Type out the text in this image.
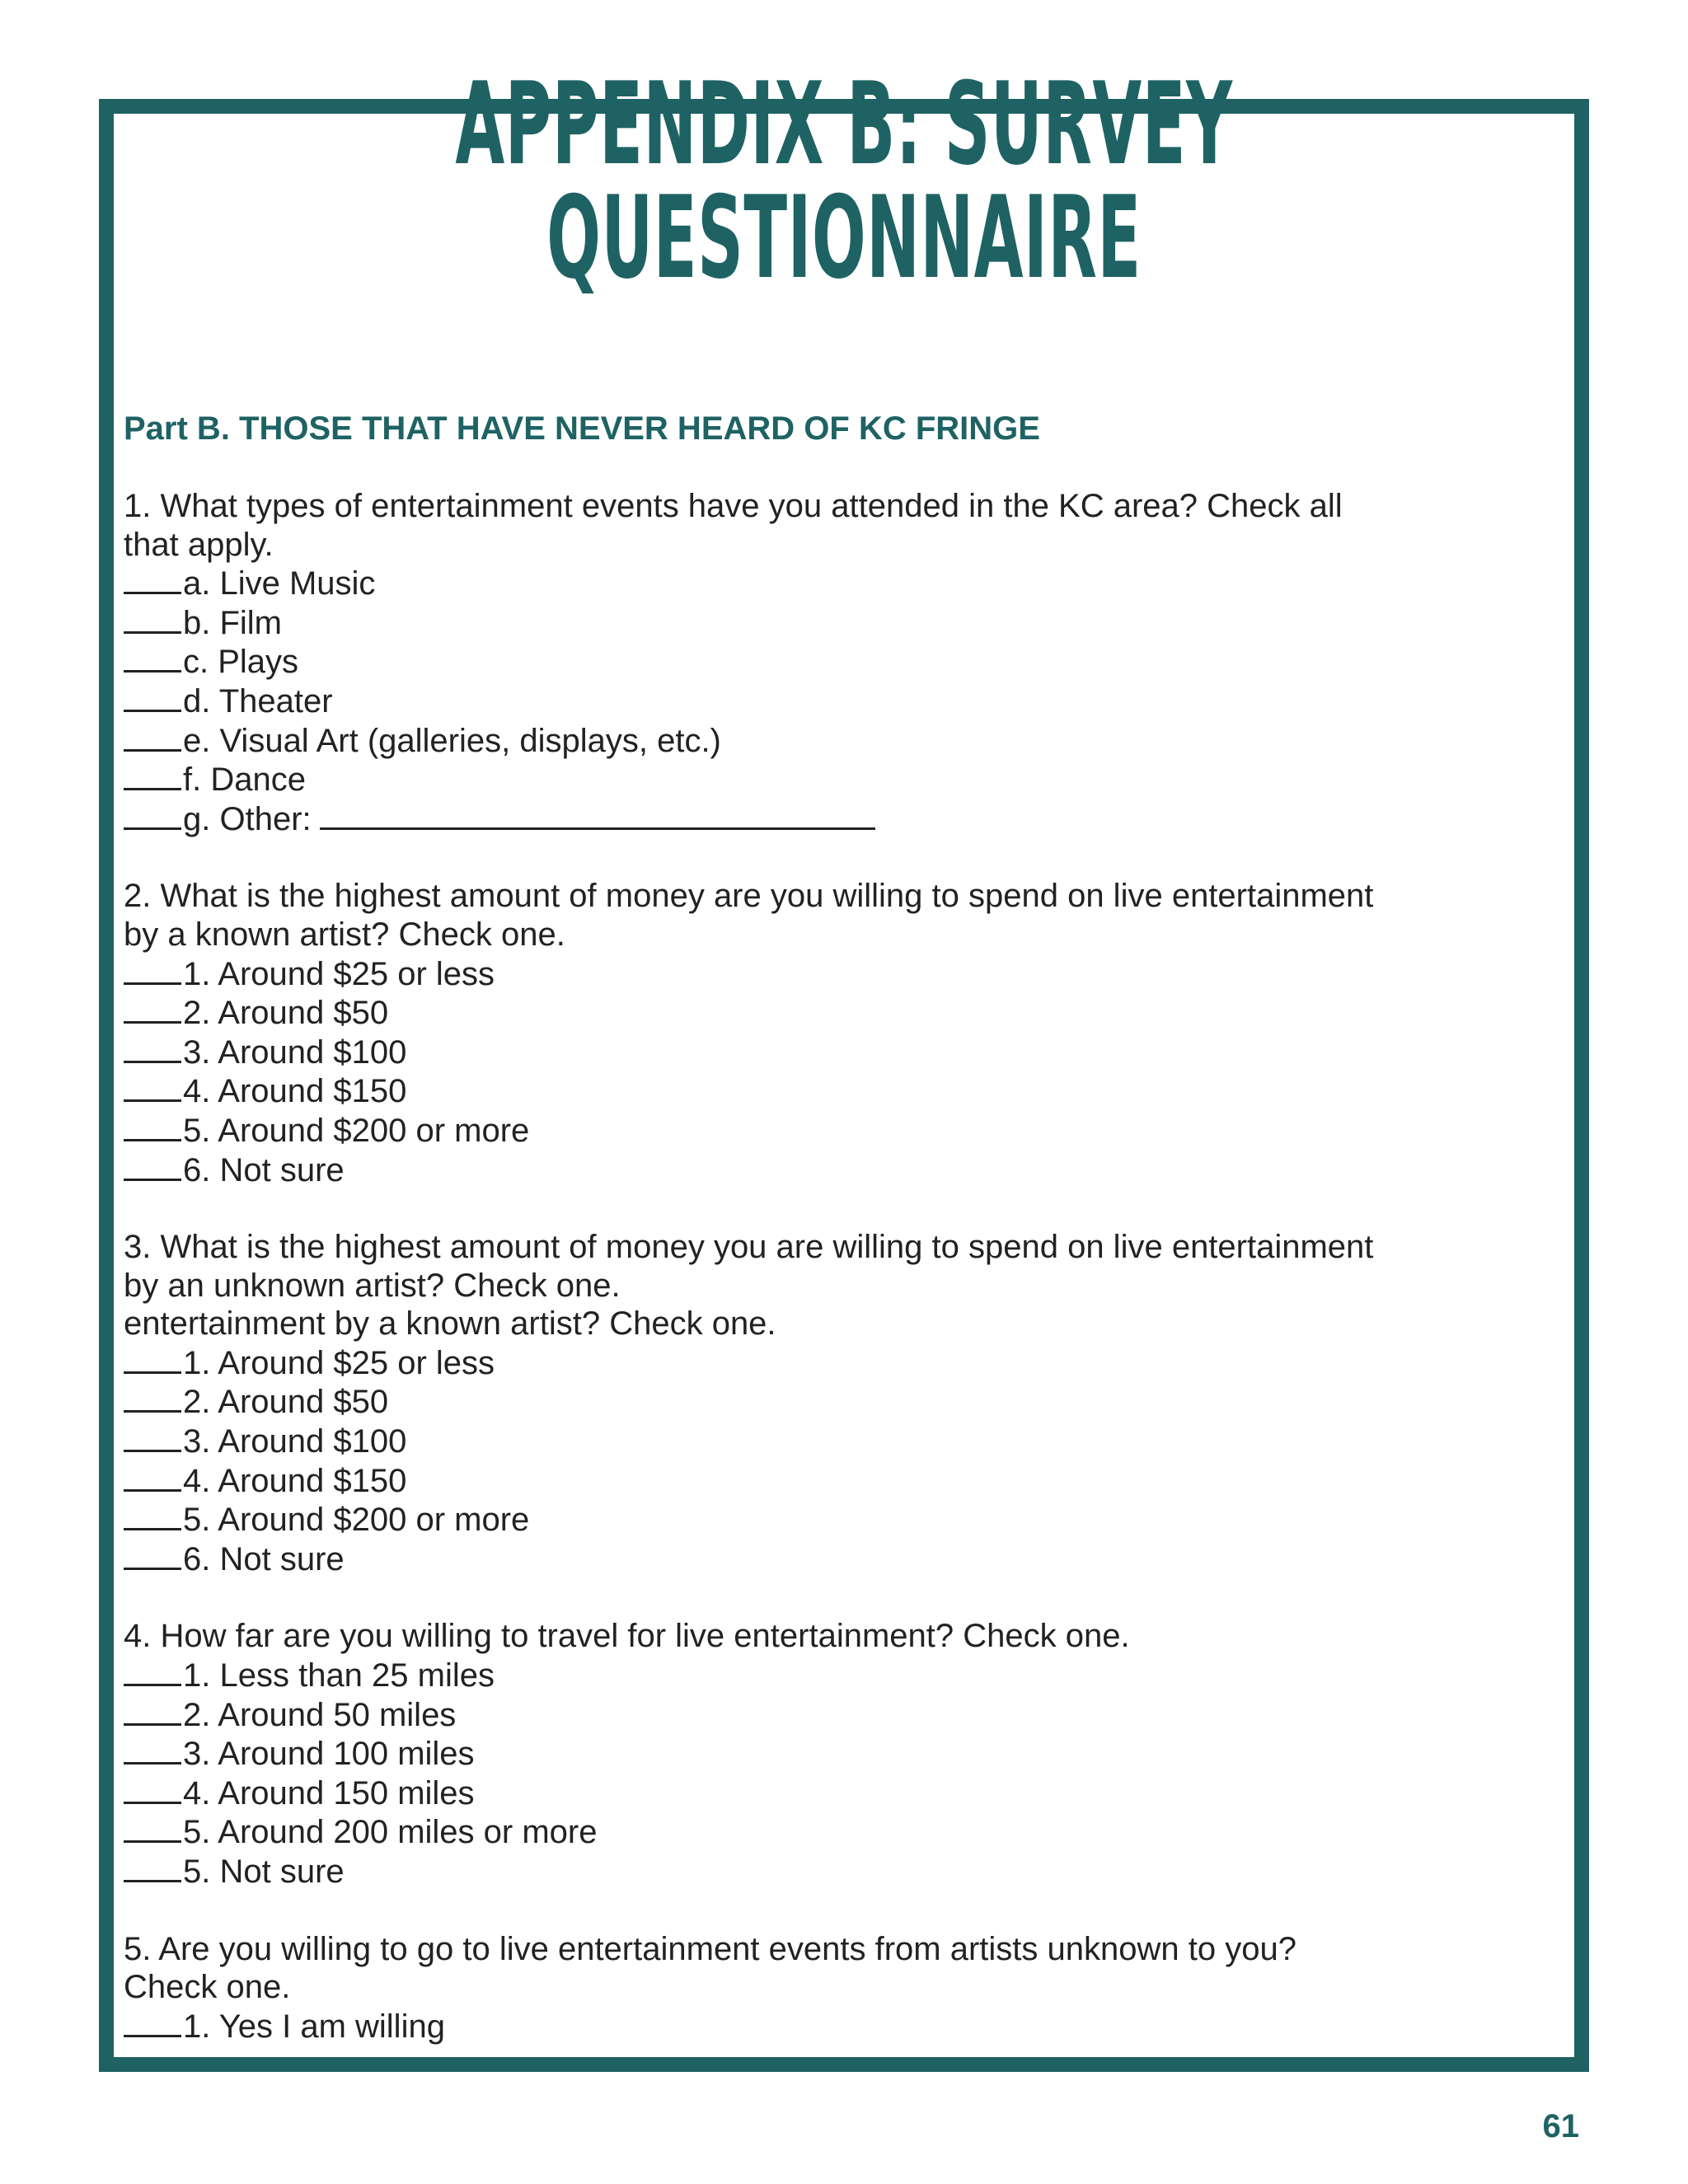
APPENDIX B: SURVEY QUESTIONNAIRE
Part B. THOSE THAT HAVE NEVER HEARD OF KC FRINGE
1. What types of entertainment events have you attended in the KC area? Check all
that apply.
a. Live Music
b. Film
c. Plays
d. Theater
e. Visual Art (galleries, displays, etc.)
f. Dance
g. Other:
2. What is the highest amount of money are you willing to spend on live entertainment
by a known artist? Check one.
1. Around $25 or less
2. Around $50
3. Around $100
4. Around $150
5. Around $200 or more
6. Not sure
3. What is the highest amount of money you are willing to spend on live entertainment
by an unknown artist? Check one.
entertainment by a known artist? Check one.
1. Around $25 or less
2. Around $50
3. Around $100
4. Around $150
5. Around $200 or more
6. Not sure
4. How far are you willing to travel for live entertainment? Check one.
1. Less than 25 miles
2. Around 50 miles
3. Around 100 miles
4. Around 150 miles
5. Around 200 miles or more
5. Not sure
5. Are you willing to go to live entertainment events from artists unknown to you?
Check one.
1. Yes I am willing
61
